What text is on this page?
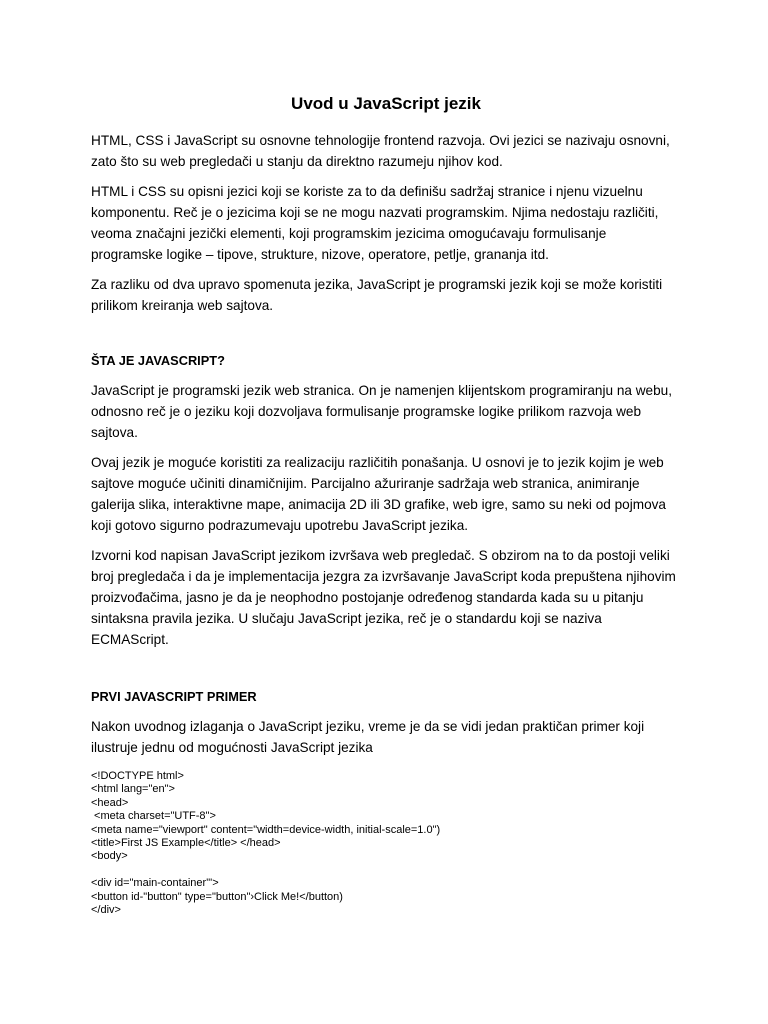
Uvod u JavaScript jezik

HTML, CSS i JavaScript su osnovne tehnologije frontend razvoja. Ovi jezici se nazivaju osnovni, zato što su web pregledači u stanju da direktno razumeju njihov kod.

HTML i CSS su opisni jezici koji se koriste za to da definišu sadržaj stranice i njenu vizuelnu komponentu. Reč je o jezicima koji se ne mogu nazvati programskim. Njima nedostaju različiti, veoma značajni jezički elementi, koji programskim jezicima omogućavaju formulisanje programske logike – tipove, strukture, nizove, operatore, petlje, grananja itd.

Za razliku od dva upravo spomenuta jezika, JavaScript je programski jezik koji se može koristiti prilikom kreiranja web sajtova.

ŠTA JE JAVASCRIPT?

JavaScript je programski jezik web stranica. On je namenjen klijentskom programiranju na webu, odnosno reč je o jeziku koji dozvoljava formulisanje programske logike prilikom razvoja web sajtova.

Ovaj jezik je moguće koristiti za realizaciju različitih ponašanja. U osnovi je to jezik kojim je web sajtove moguće učiniti dinamičnijim. Parcijalno ažuriranje sadržaja web stranica, animiranje galerija slika, interaktivne mape, animacija 2D ili 3D grafike, web igre, samo su neki od pojmova koji gotovo sigurno podrazumevaju upotrebu JavaScript jezika.

Izvorni kod napisan JavaScript jezikom izvršava web pregledač. S obzirom na to da postoji veliki broj pregledača i da je implementacija jezgra za izvršavanje JavaScript koda prepuštena njihovim proizvođačima, jasno je da je neophodno postojanje određenog standarda kada su u pitanju sintaksna pravila jezika. U slučaju JavaScript jezika, reč je o standardu koji se naziva ECMAScript.

PRVI JAVASCRIPT PRIMER

Nakon uvodnog izlaganja o JavaScript jeziku, vreme je da se vidi jedan praktičan primer koji ilustruje jednu od mogućnosti JavaScript jezika

<!DOCTYPE html>
<html lang="en">
<head>
<meta charset="UTF-8">
<meta name="viewport" content="width=device-width, initial-scale=1.0")
<title>First JS Example</title> </head>
<body>
<div id="main-container"'>
<button id-"button" type="button"›Click Me!</button)
</div>
